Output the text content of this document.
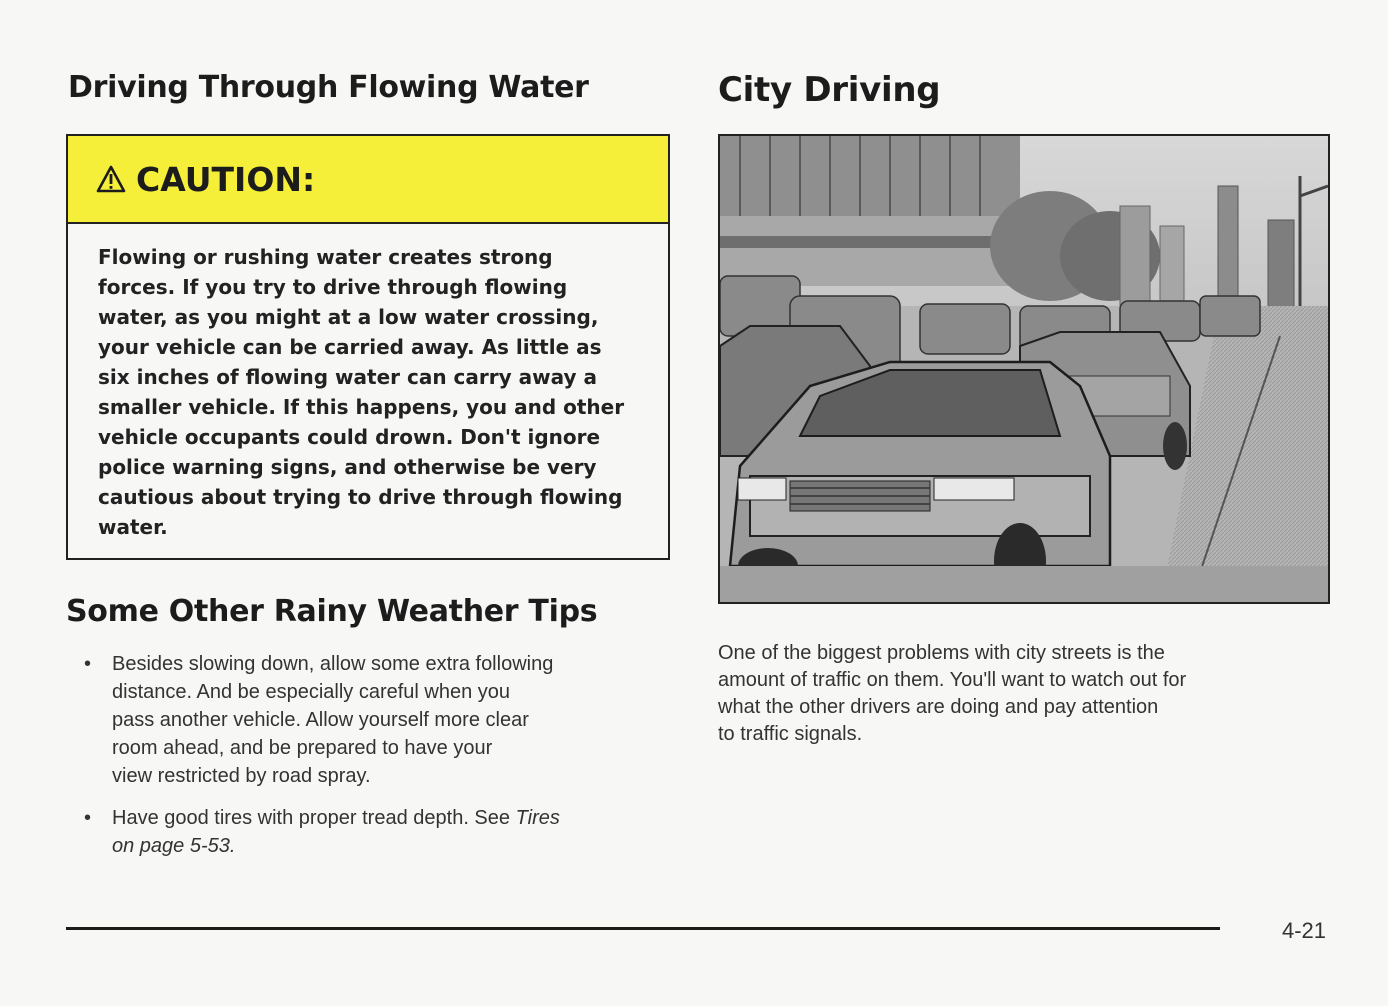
Driving Through Flowing Water
CAUTION:
Flowing or rushing water creates strong
forces. If you try to drive through flowing
water, as you might at a low water crossing,
your vehicle can be carried away. As little as
six inches of flowing water can carry away a
smaller vehicle. If this happens, you and other
vehicle occupants could drown. Don't ignore
police warning signs, and otherwise be very
cautious about trying to drive through flowing
water.
Some Other Rainy Weather Tips
• Besides slowing down, allow some extra following
distance. And be especially careful when you
pass another vehicle. Allow yourself more clear
room ahead, and be prepared to have your
view restricted by road spray.
• Have good tires with proper tread depth. See Tires
on page 5-53.
City Driving

One of the biggest problems with city streets is the
amount of traffic on them. You'll want to watch out for
what the other drivers are doing and pay attention
to traffic signals.

4-21
